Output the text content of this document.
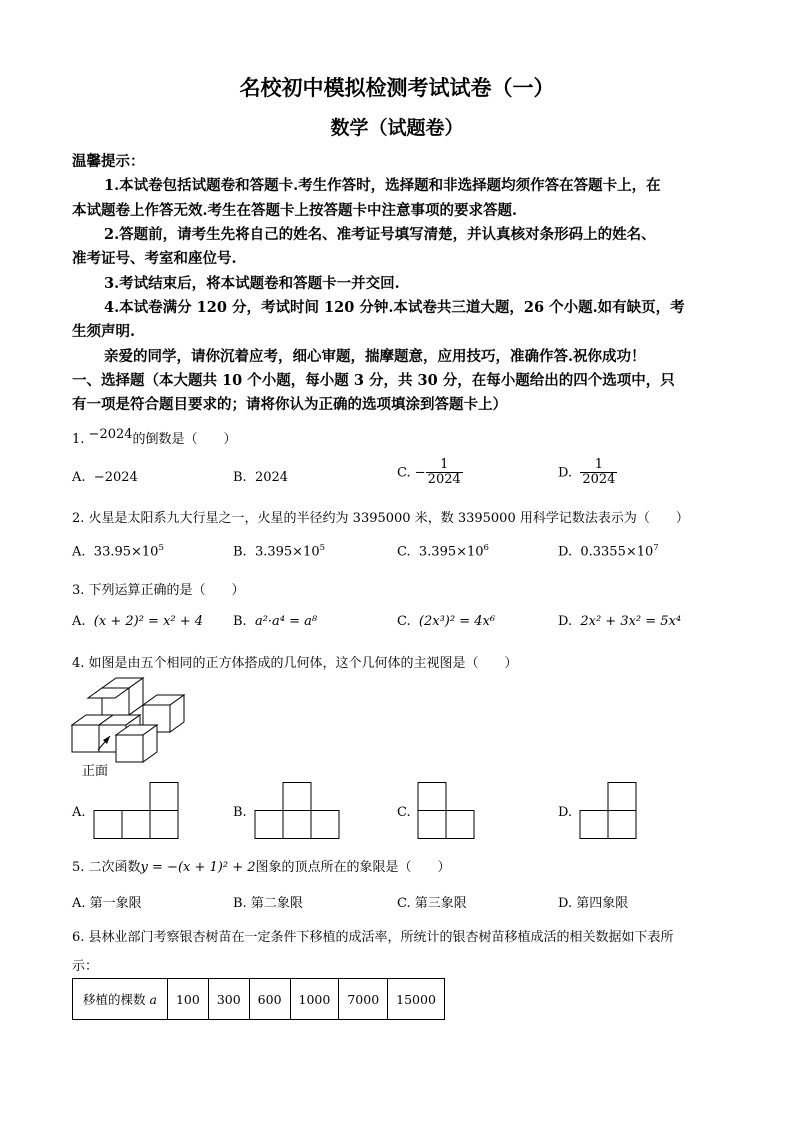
名校初中模拟检测考试试卷（一）
数学（试题卷）
温馨提示：
1.本试卷包括试题卷和答题卡.考生作答时，选择题和非选择题均须作答在答题卡上，在
本试题卷上作答无效.考生在答题卡上按答题卡中注意事项的要求答题.
2.答题前，请考生先将自己的姓名、准考证号填写清楚，并认真核对条形码上的姓名、
准考证号、考室和座位号.
3.考试结束后，将本试题卷和答题卡一并交回.
4.本试卷满分 120 分，考试时间 120 分钟.本试卷共三道大题，26 个小题.如有缺页，考
生须声明.
亲爱的同学，请你沉着应考，细心审题，揣摩题意，应用技巧，准确作答.祝你成功！
一、选择题（本大题共 10 个小题，每小题 3 分，共 30 分，在每小题给出的四个选项中，只
有一项是符合题目要求的；请将你认为正确的选项填涂到答题卡上）
1. −2024的倒数是（　　）
A. −2024	B. 2024	C. − $\frac{1}{2024}$	D. $\frac{1}{2024}$
2. 火星是太阳系九大行星之一，火星的半径约为 3395000 米，数 3395000 用科学记数法表示为（　　）
A. $33.95\times 10^5$	B. $3.395\times 10^5$	C. $3.395\times 10^6$	D. $0.3355\times 10^7$
3. 下列运算正确的是（　　）
A. (x + 2)² = x² + 4 B. a²·a⁴ = a⁸	C. (2x³)² = 4x⁶	D. 2x² + 3x² = 5x⁴
4. 如图是由五个相同的正方体搭成的几何体，这个几何体的主视图是（　　）
正面
A.	B.	C.	D.
5. 二次函数y = −(x + 1)² + 2图象的顶点所在的象限是（　　）
A. 第一象限	B. 第二象限	C. 第三象限	D. 第四象限
6. 县林业部门考察银杏树苗在一定条件下移植的成活率，所统计的银杏树苗移植成活的相关数据如下表所
示：
移植的棵数 a	100	300	600	1000	7000	15000
